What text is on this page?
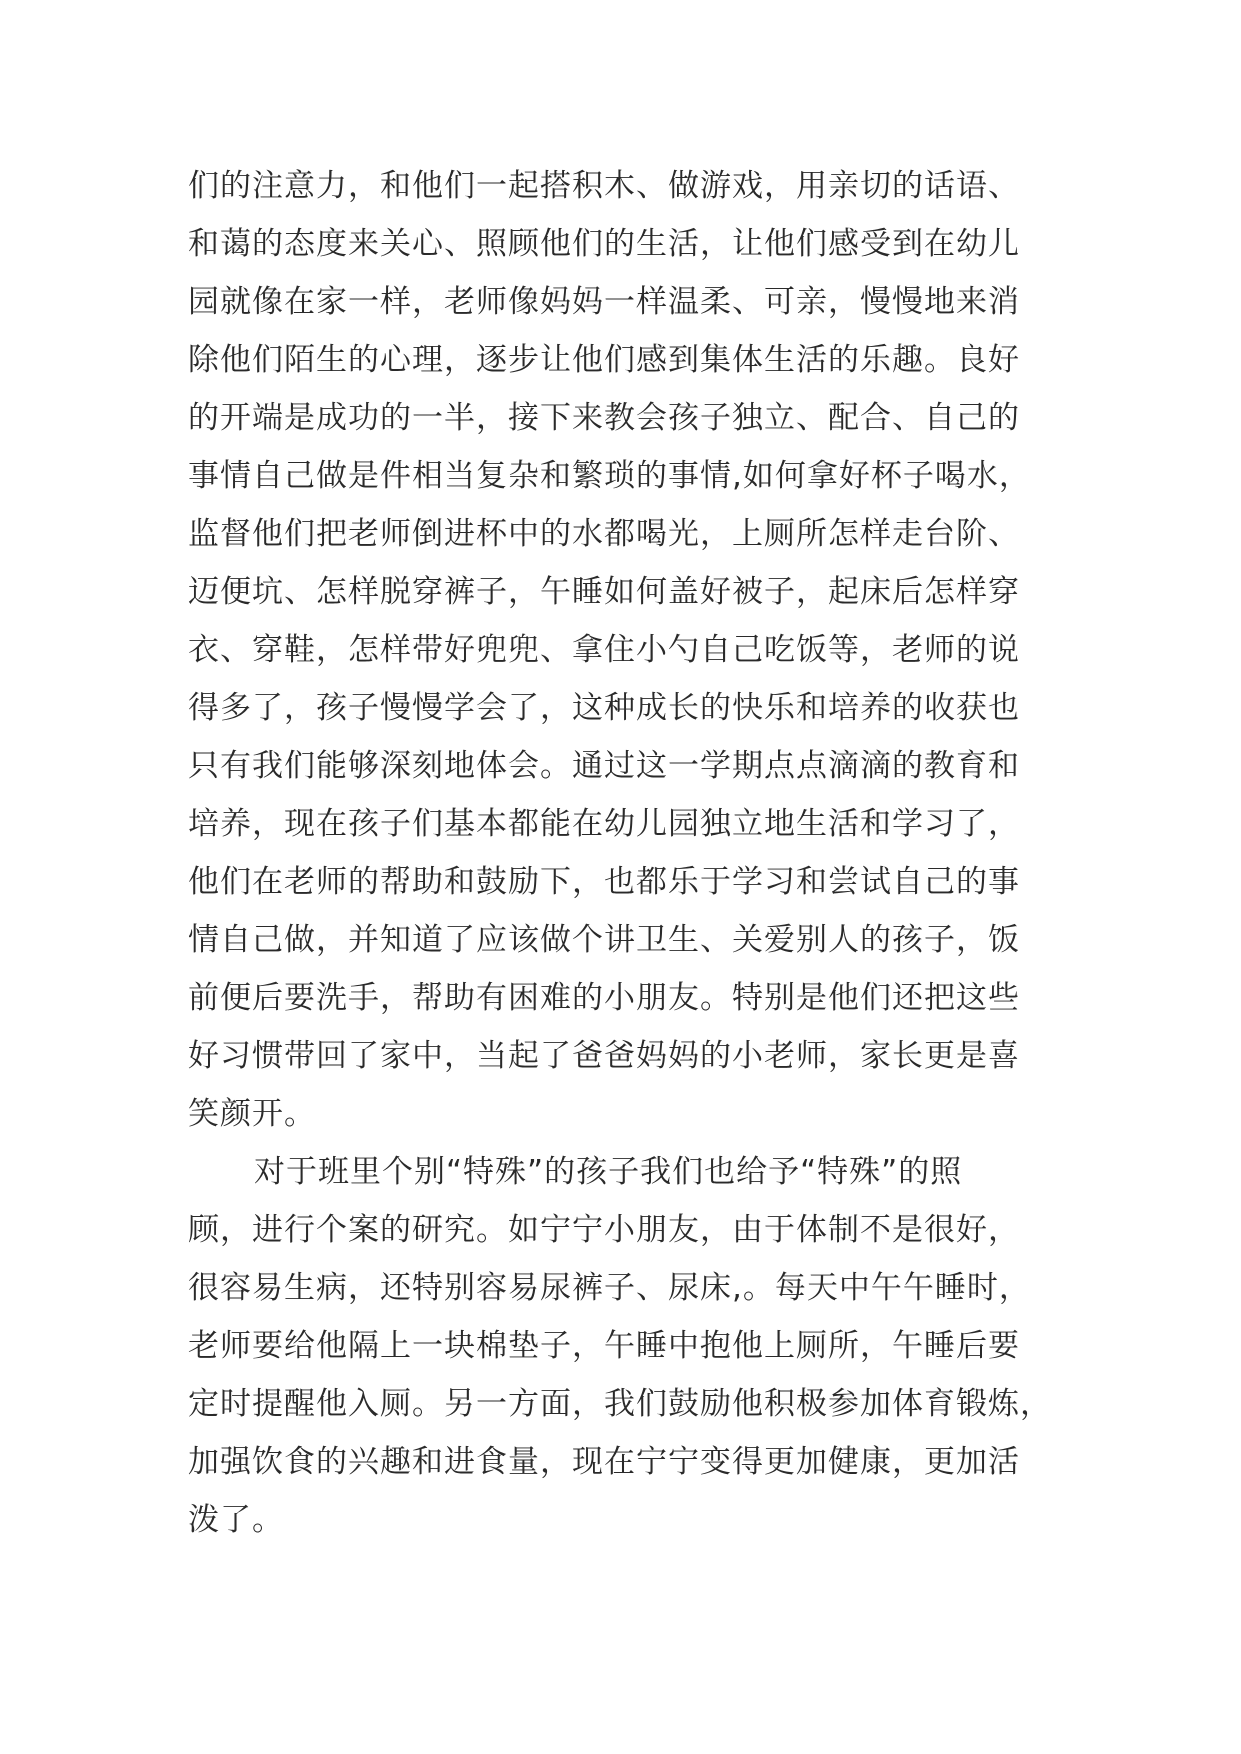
们的注意力，和他们一起搭积木、做游戏，用亲切的话语、
和蔼的态度来关心、照顾他们的生活，让他们感受到在幼儿
园就像在家一样，老师像妈妈一样温柔、可亲，慢慢地来消
除他们陌生的心理，逐步让他们感到集体生活的乐趣。良好
的开端是成功的一半，接下来教会孩子独立、配合、自己的
事情自己做是件相当复杂和繁琐的事情,如何拿好杯子喝水，
监督他们把老师倒进杯中的水都喝光，上厕所怎样走台阶、
迈便坑、怎样脱穿裤子，午睡如何盖好被子，起床后怎样穿
衣、穿鞋，怎样带好兜兜、拿住小勺自己吃饭等，老师的说
得多了，孩子慢慢学会了，这种成长的快乐和培养的收获也
只有我们能够深刻地体会。通过这一学期点点滴滴的教育和
培养，现在孩子们基本都能在幼儿园独立地生活和学习了，
他们在老师的帮助和鼓励下，也都乐于学习和尝试自己的事
情自己做，并知道了应该做个讲卫生、关爱别人的孩子，饭
前便后要洗手，帮助有困难的小朋友。特别是他们还把这些
好习惯带回了家中，当起了爸爸妈妈的小老师，家长更是喜
笑颜开。
对于班里个别“特殊”的孩子我们也给予“特殊”的照
顾，进行个案的研究。如宁宁小朋友，由于体制不是很好，
很容易生病，还特别容易尿裤子、尿床,。每天中午午睡时，
老师要给他隔上一块棉垫子，午睡中抱他上厕所，午睡后要
定时提醒他入厕。另一方面，我们鼓励他积极参加体育锻炼，
加强饮食的兴趣和进食量，现在宁宁变得更加健康，更加活
泼了。
